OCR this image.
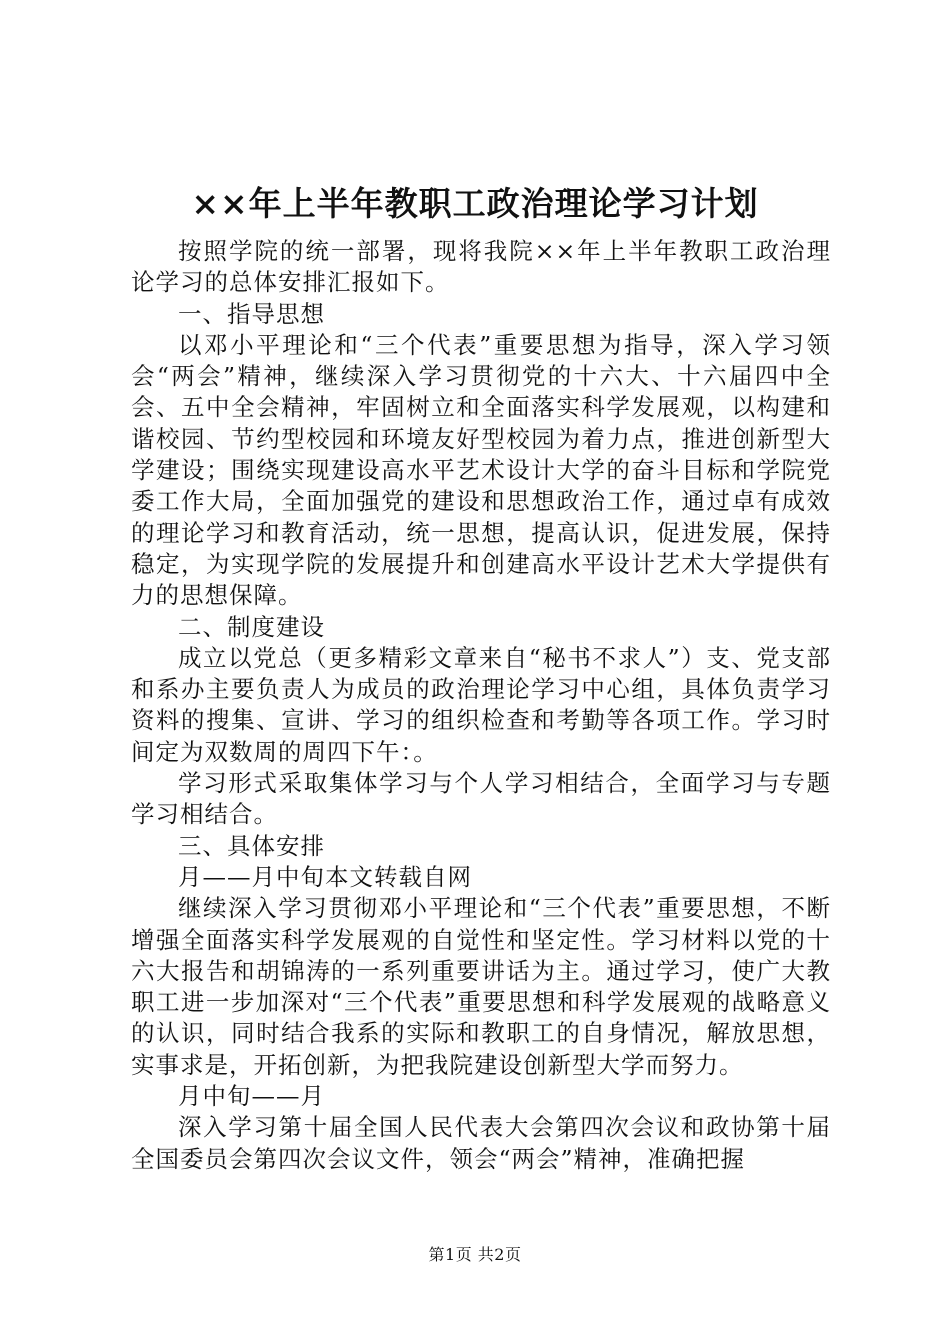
××年上半年教职工政治理论学习计划

按照学院的统一部署，现将我院××年上半年教职工政治理论学习的总体安排汇报如下。

一、指导思想

以邓小平理论和“三个代表”重要思想为指导，深入学习领会“两会”精神，继续深入学习贯彻党的十六大、十六届四中全会、五中全会精神，牢固树立和全面落实科学发展观，以构建和谐校园、节约型校园和环境友好型校园为着力点，推进创新型大学建设；围绕实现建设高水平艺术设计大学的奋斗目标和学院党委工作大局，全面加强党的建设和思想政治工作，通过卓有成效的理论学习和教育活动，统一思想，提高认识，促进发展，保持稳定，为实现学院的发展提升和创建高水平设计艺术大学提供有力的思想保障。

二、制度建设

成立以党总（更多精彩文章来自“秘书不求人”）支、党支部和系办主要负责人为成员的政治理论学习中心组，具体负责学习资料的搜集、宣讲、学习的组织检查和考勤等各项工作。学习时间定为双数周的周四下午：。

学习形式采取集体学习与个人学习相结合，全面学习与专题学习相结合。

三、具体安排

月——月中旬本文转载自网

继续深入学习贯彻邓小平理论和“三个代表”重要思想，不断增强全面落实科学发展观的自觉性和坚定性。学习材料以党的十六大报告和胡锦涛的一系列重要讲话为主。通过学习，使广大教职工进一步加深对“三个代表”重要思想和科学发展观的战略意义的认识，同时结合我系的实际和教职工的自身情况，解放思想，实事求是，开拓创新，为把我院建设创新型大学而努力。

月中旬——月

深入学习第十届全国人民代表大会第四次会议和政协第十届全国委员会第四次会议文件，领会“两会”精神，准确把握

第1页 共2页
